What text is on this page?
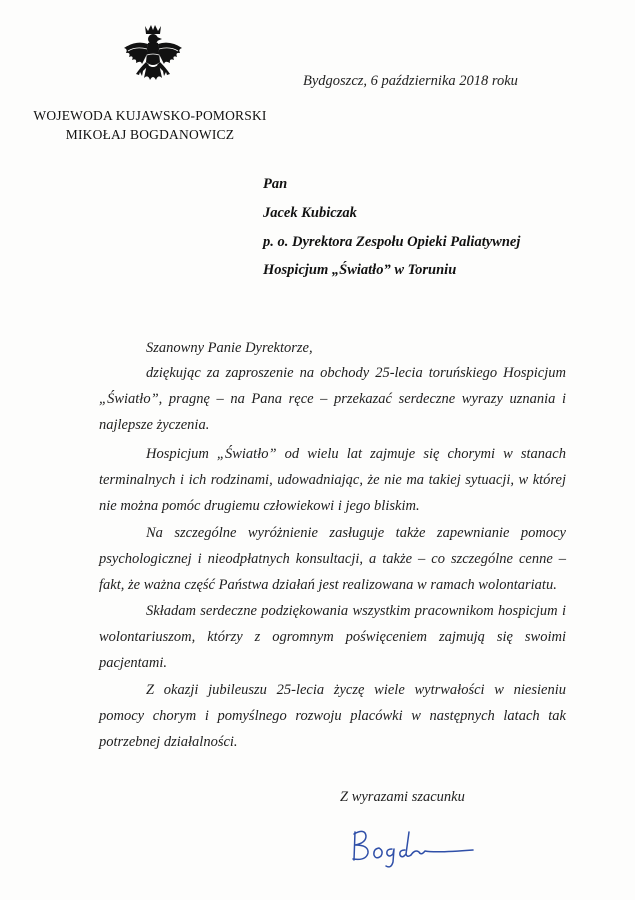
WOJEWODA KUJAWSKO-POMORSKI
MIKOŁAJ BOGDANOWICZ
Bydgoszcz, 6 października 2018 roku
Pan
Jacek Kubiczak
p. o. Dyrektora Zespołu Opieki Paliatywnej
Hospicjum „Światło” w Toruniu
Szanowny Panie Dyrektorze,

dziękując za zaproszenie na obchody 25-lecia toruńskiego Hospicjum „Światło”, pragnę – na Pana ręce – przekazać serdeczne wyrazy uznania i najlepsze życzenia.

Hospicjum „Światło” od wielu lat zajmuje się chorymi w stanach terminalnych i ich rodzinami, udowadniając, że nie ma takiej sytuacji, w której nie można pomóc drugiemu człowiekowi i jego bliskim.

Na szczególne wyróżnienie zasługuje także zapewnianie pomocy psychologicznej i nieodpłatnych konsultacji, a także – co szczególne cenne – fakt, że ważna część Państwa działań jest realizowana w ramach wolontariatu.

Składam serdeczne podziękowania wszystkim pracownikom hospicjum i wolontariuszom, którzy z ogromnym poświęceniem zajmują się swoimi pacjentami.

Z okazji jubileuszu 25-lecia życzę wiele wytrwałości w niesieniu pomocy chorym i pomyślnego rozwoju placówki w następnych latach tak potrzebnej działalności.

Z wyrazami szacunku
